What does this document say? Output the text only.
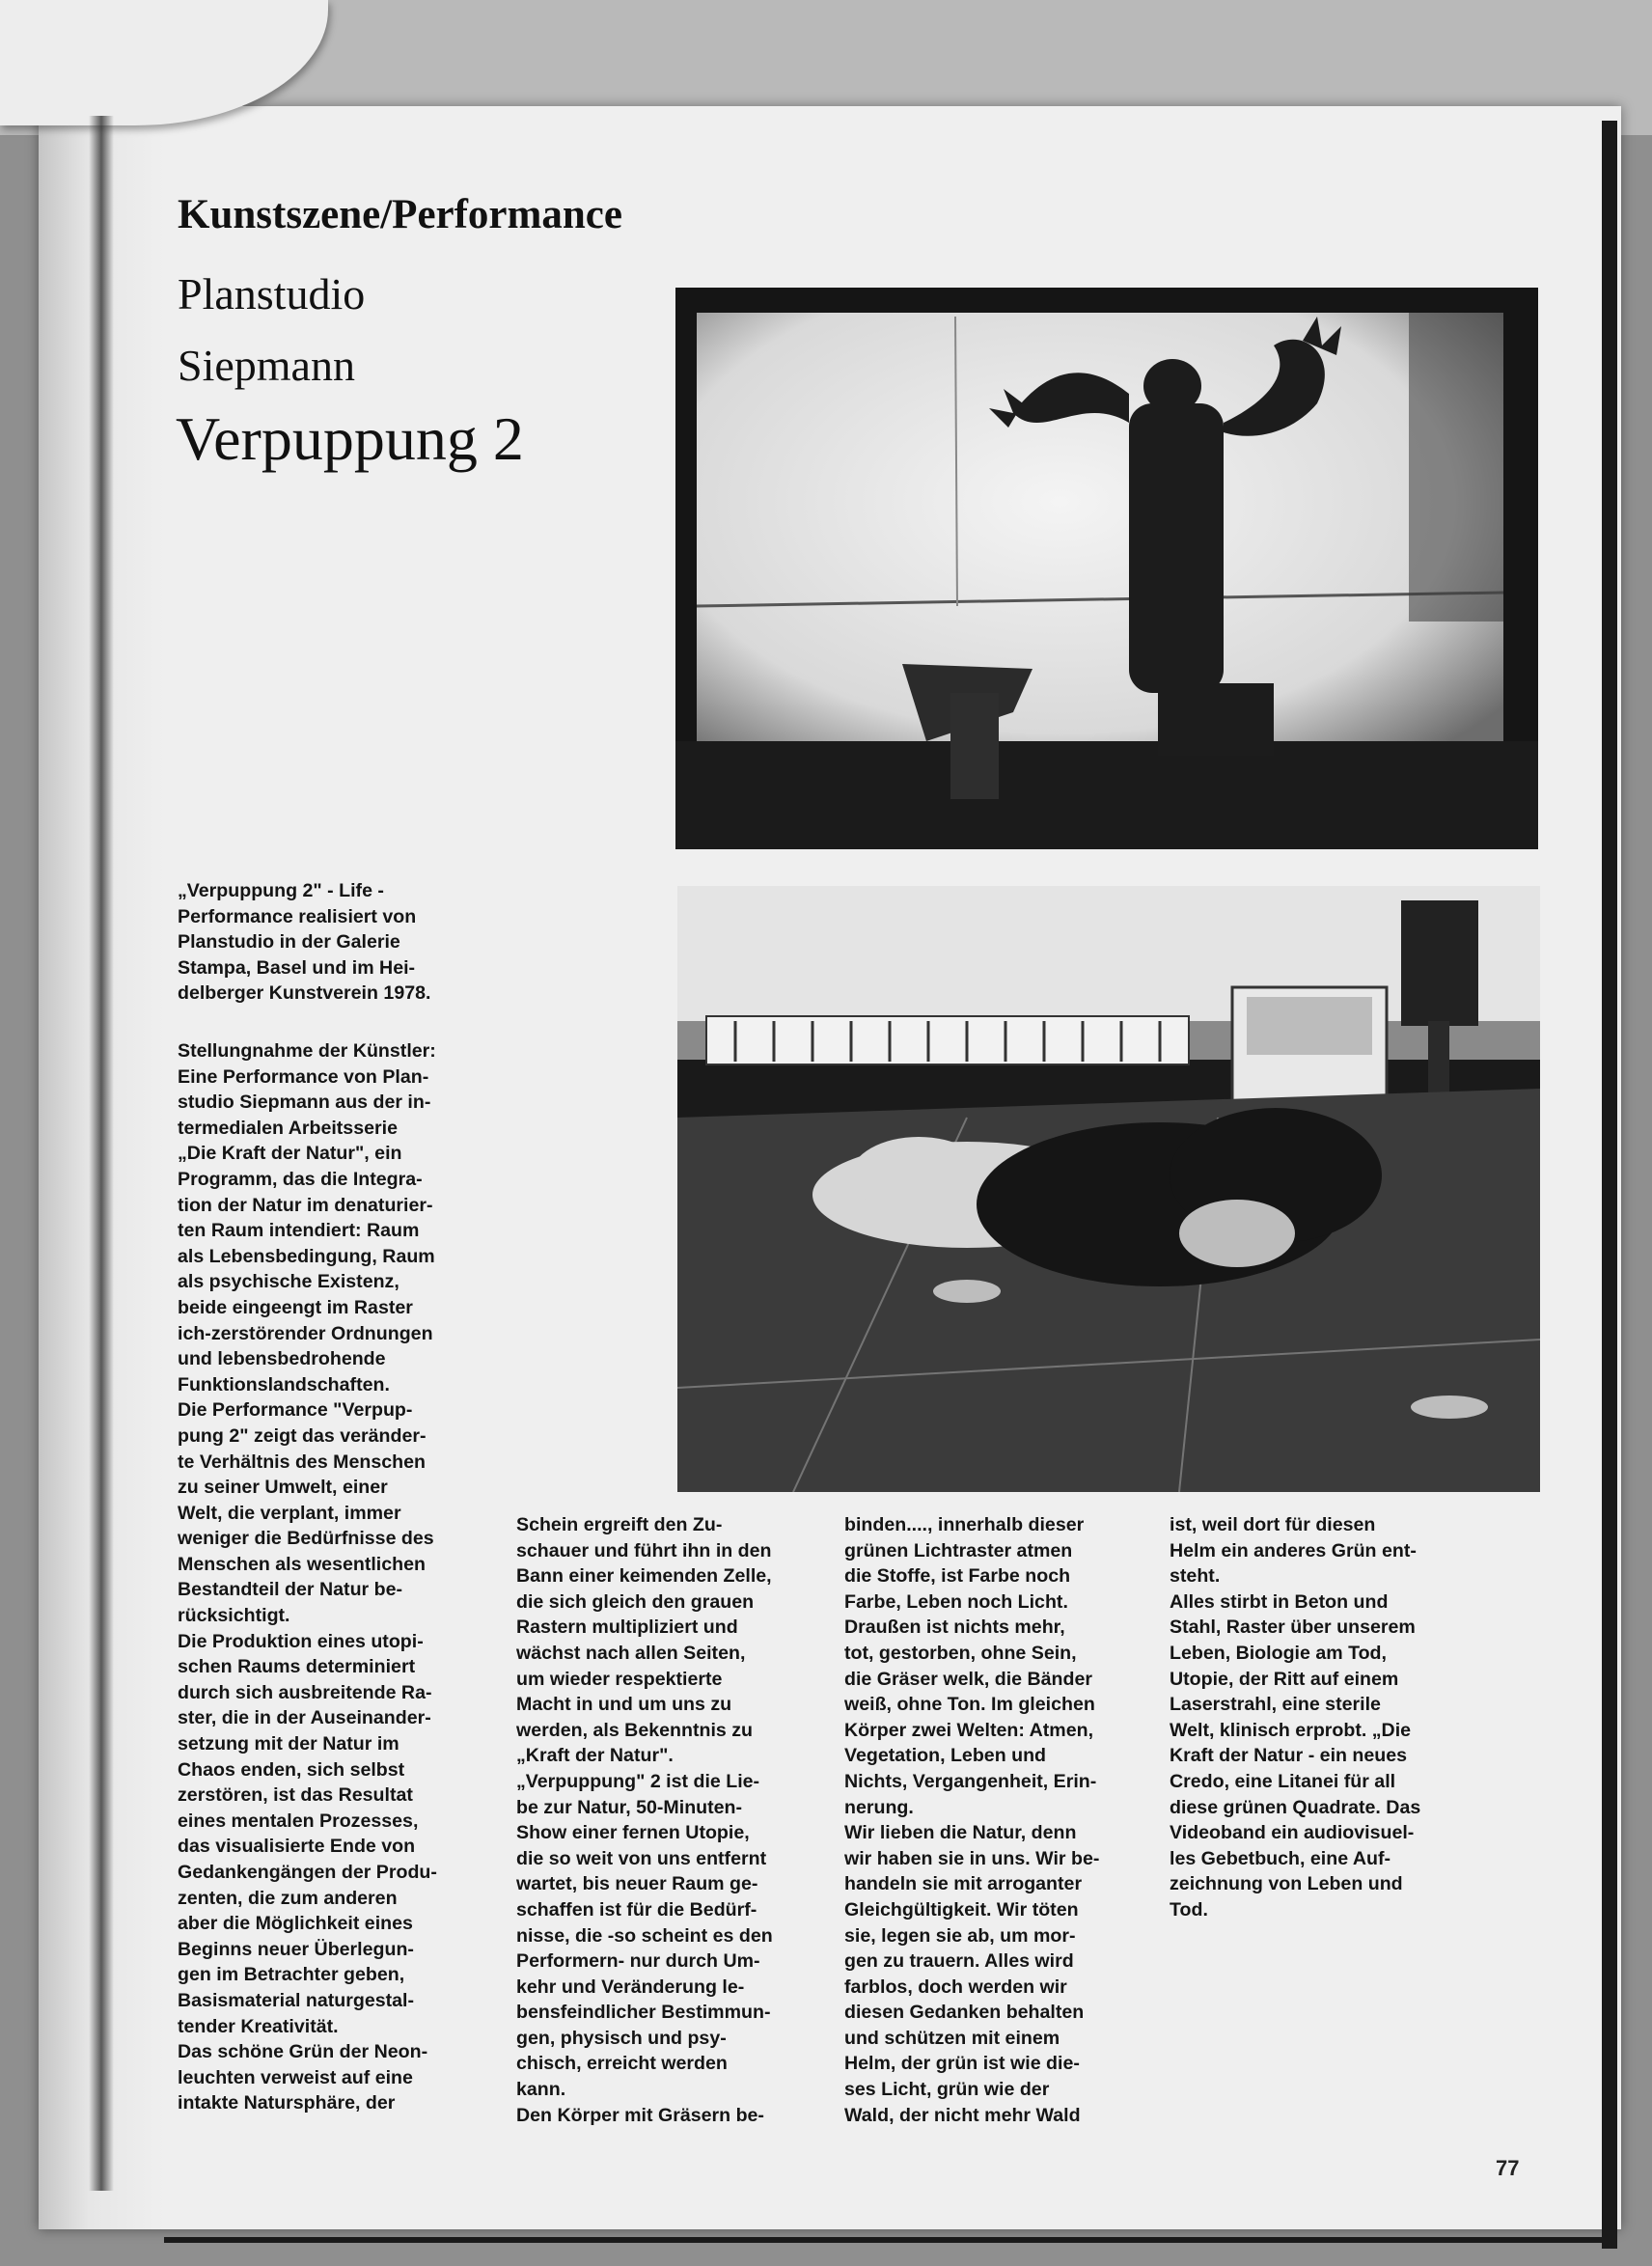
Kunstszene/Performance
Planstudio
Siepmann
Verpuppung 2

„Verpuppung 2" - Life -
Performance realisiert von
Planstudio in der Galerie
Stampa, Basel und im Hei-
delberger Kunstverein 1978.

Stellungnahme der Künstler:
Eine Performance von Plan-
studio Siepmann aus der in-
termedialen Arbeitsserie
„Die Kraft der Natur", ein
Programm, das die Integra-
tion der Natur im denaturier-
ten Raum intendiert: Raum
als Lebensbedingung, Raum
als psychische Existenz,
beide eingeengt im Raster
ich-zerstörender Ordnungen
und lebensbedrohende
Funktionslandschaften.
Die Performance "Verpup-
pung 2" zeigt das veränder-
te Verhältnis des Menschen
zu seiner Umwelt, einer
Welt, die verplant, immer
weniger die Bedürfnisse des
Menschen als wesentlichen
Bestandteil der Natur be-
rücksichtigt.
Die Produktion eines utopi-
schen Raums determiniert
durch sich ausbreitende Ra-
ster, die in der Auseinander-
setzung mit der Natur im
Chaos enden, sich selbst
zerstören, ist das Resultat
eines mentalen Prozesses,
das visualisierte Ende von
Gedankengängen der Produ-
zenten, die zum anderen
aber die Möglichkeit eines
Beginns neuer Überlegun-
gen im Betrachter geben,
Basismaterial naturgestal-
tender Kreativität.
Das schöne Grün der Neon-
leuchten verweist auf eine
intakte Natursphäre, der

Schein ergreift den Zu-
schauer und führt ihn in den
Bann einer keimenden Zelle,
die sich gleich den grauen
Rastern multipliziert und
wächst nach allen Seiten,
um wieder respektierte
Macht in und um uns zu
werden, als Bekenntnis zu
„Kraft der Natur".
„Verpuppung" 2 ist die Lie-
be zur Natur, 50-Minuten-
Show einer fernen Utopie,
die so weit von uns entfernt
wartet, bis neuer Raum ge-
schaffen ist für die Bedürf-
nisse, die -so scheint es den
Performern- nur durch Um-
kehr und Veränderung le-
bensfeindlicher Bestimmun-
gen, physisch und psy-
chisch, erreicht werden
kann.
Den Körper mit Gräsern be-

binden...., innerhalb dieser
grünen Lichtraster atmen
die Stoffe, ist Farbe noch
Farbe, Leben noch Licht.
Draußen ist nichts mehr,
tot, gestorben, ohne Sein,
die Gräser welk, die Bänder
weiß, ohne Ton. Im gleichen
Körper zwei Welten: Atmen,
Vegetation, Leben und
Nichts, Vergangenheit, Erin-
nerung.
Wir lieben die Natur, denn
wir haben sie in uns. Wir be-
handeln sie mit arroganter
Gleichgültigkeit. Wir töten
sie, legen sie ab, um mor-
gen zu trauern. Alles wird
farblos, doch werden wir
diesen Gedanken behalten
und schützen mit einem
Helm, der grün ist wie die-
ses Licht, grün wie der
Wald, der nicht mehr Wald

ist, weil dort für diesen
Helm ein anderes Grün ent-
steht.
Alles stirbt in Beton und
Stahl, Raster über unserem
Leben, Biologie am Tod,
Utopie, der Ritt auf einem
Laserstrahl, eine sterile
Welt, klinisch erprobt. „Die
Kraft der Natur - ein neues
Credo, eine Litanei für all
diese grünen Quadrate. Das
Videoband ein audiovisuel-
les Gebetbuch, eine Auf-
zeichnung von Leben und
Tod.

77
